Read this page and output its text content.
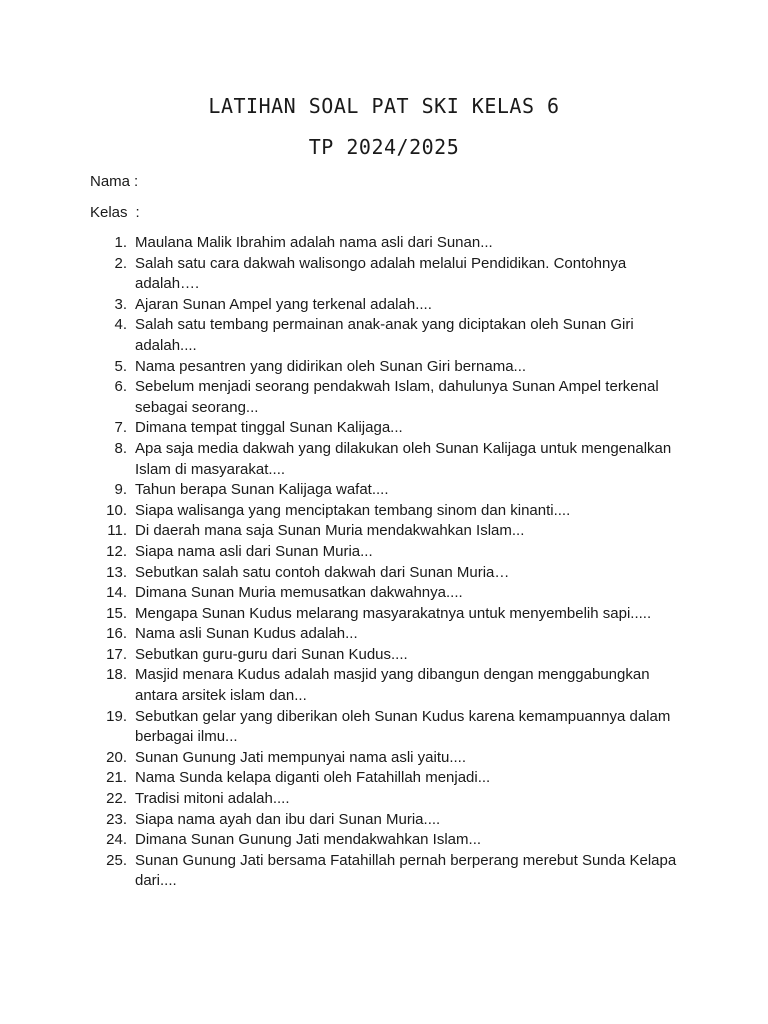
LATIHAN SOAL PAT SKI KELAS 6
TP 2024/2025
Nama :
Kelas :
1. Maulana Malik Ibrahim adalah nama asli dari Sunan...
2. Salah satu cara dakwah walisongo adalah melalui Pendidikan. Contohnya adalah….
3. Ajaran Sunan Ampel yang terkenal adalah....
4. Salah satu tembang permainan anak-anak yang diciptakan oleh Sunan Giri adalah....
5. Nama pesantren yang didirikan oleh Sunan Giri bernama...
6. Sebelum menjadi seorang pendakwah Islam, dahulunya Sunan Ampel terkenal sebagai seorang...
7. Dimana tempat tinggal Sunan Kalijaga...
8. Apa saja media dakwah yang dilakukan oleh Sunan Kalijaga untuk mengenalkan Islam di masyarakat....
9. Tahun berapa Sunan Kalijaga wafat....
10. Siapa walisanga yang menciptakan tembang sinom dan kinanti....
11. Di daerah mana saja Sunan Muria mendakwahkan Islam...
12. Siapa nama asli dari Sunan Muria...
13. Sebutkan salah satu contoh dakwah dari Sunan Muria…
14. Dimana Sunan Muria memusatkan dakwahnya....
15. Mengapa Sunan Kudus melarang masyarakatnya untuk menyembelih sapi.....
16. Nama asli Sunan Kudus adalah...
17. Sebutkan guru-guru dari Sunan Kudus....
18. Masjid menara Kudus adalah masjid yang dibangun dengan menggabungkan antara arsitek islam dan...
19. Sebutkan gelar yang diberikan oleh Sunan Kudus karena kemampuannya dalam berbagai ilmu...
20. Sunan Gunung Jati mempunyai nama asli yaitu....
21. Nama Sunda kelapa diganti oleh Fatahillah menjadi...
22. Tradisi mitoni adalah....
23. Siapa nama ayah dan ibu dari Sunan Muria....
24. Dimana Sunan Gunung Jati mendakwahkan Islam...
25. Sunan Gunung Jati bersama Fatahillah pernah berperang merebut Sunda Kelapa dari....
